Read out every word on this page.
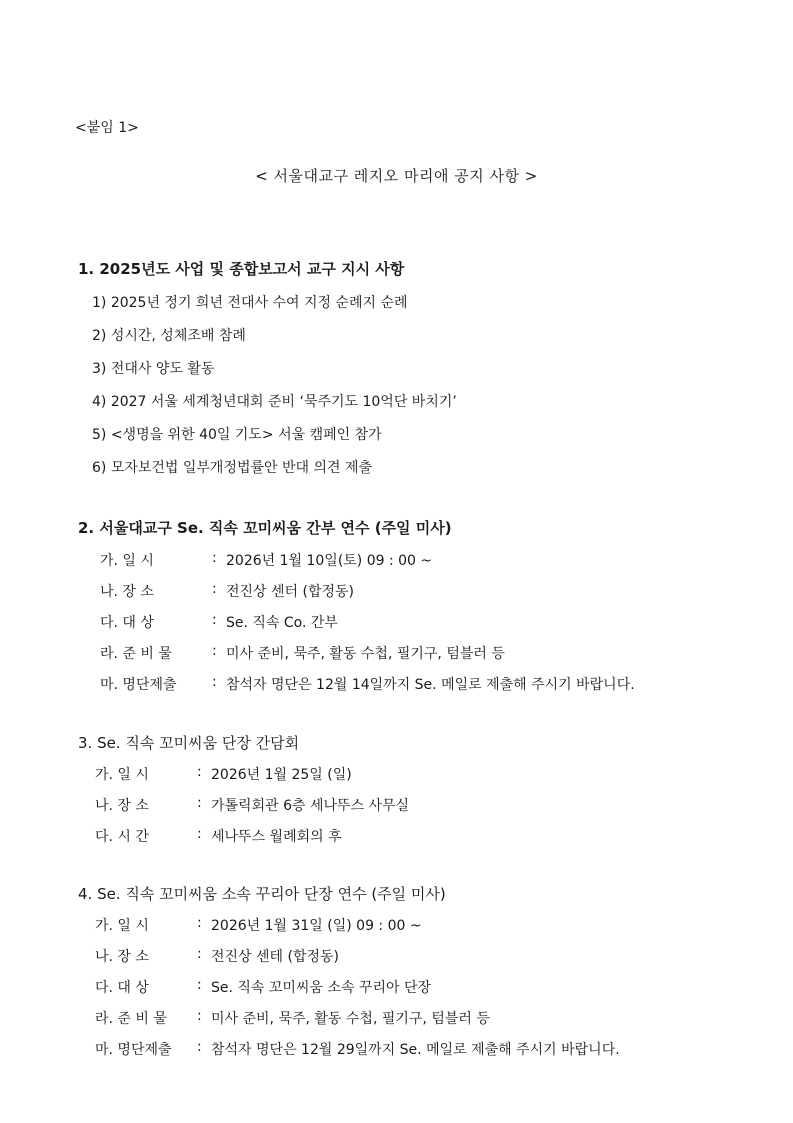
<붙임 1>
< 서울대교구 레지오 마리애 공지 사항 >
1. 2025년도 사업 및 종합보고서 교구 지시 사항
1) 2025년 정기 희년 전대사 수여 지정 순례지 순례
2) 성시간, 성체조배 참례
3) 전대사 양도 활동
4) 2027 서울 세계청년대회 준비 ‘묵주기도 10억단 바치기’
5) <생명을 위한 40일 기도> 서울 캠페인 참가
6) 모자보건법 일부개정법률안 반대 의견 제출
2. 서울대교구 Se. 직속 꼬미씨움 간부 연수 (주일 미사)
가. 일 시	: 2026년 1월 10일(토) 09 : 00 ~
나. 장 소	: 전진상 센터 (합정동)
다. 대 상	: Se. 직속 Co. 간부
라. 준 비 물	: 미사 준비, 묵주, 활동 수첩, 필기구, 텀블러 등
마. 명단제출	: 참석자 명단은 12월 14일까지 Se. 메일로 제출해 주시기 바랍니다.
3. Se. 직속 꼬미씨움 단장 간담회
가. 일 시	: 2026년 1월 25일 (일)
나. 장 소	: 가톨릭회관 6층 세나뚜스 사무실
다. 시 간	: 세나뚜스 월례회의 후
4. Se. 직속 꼬미씨움 소속 꾸리아 단장 연수 (주일 미사)
가. 일 시	: 2026년 1월 31일 (일) 09 : 00 ~
나. 장 소	: 전진상 센테 (합정동)
다. 대 상	: Se. 직속 꼬미씨움 소속 꾸리아 단장
라. 준 비 물	: 미사 준비, 묵주, 활동 수첩, 필기구, 텀블러 등
마. 명단제출	: 참석자 명단은 12월 29일까지 Se. 메일로 제출해 주시기 바랍니다.
